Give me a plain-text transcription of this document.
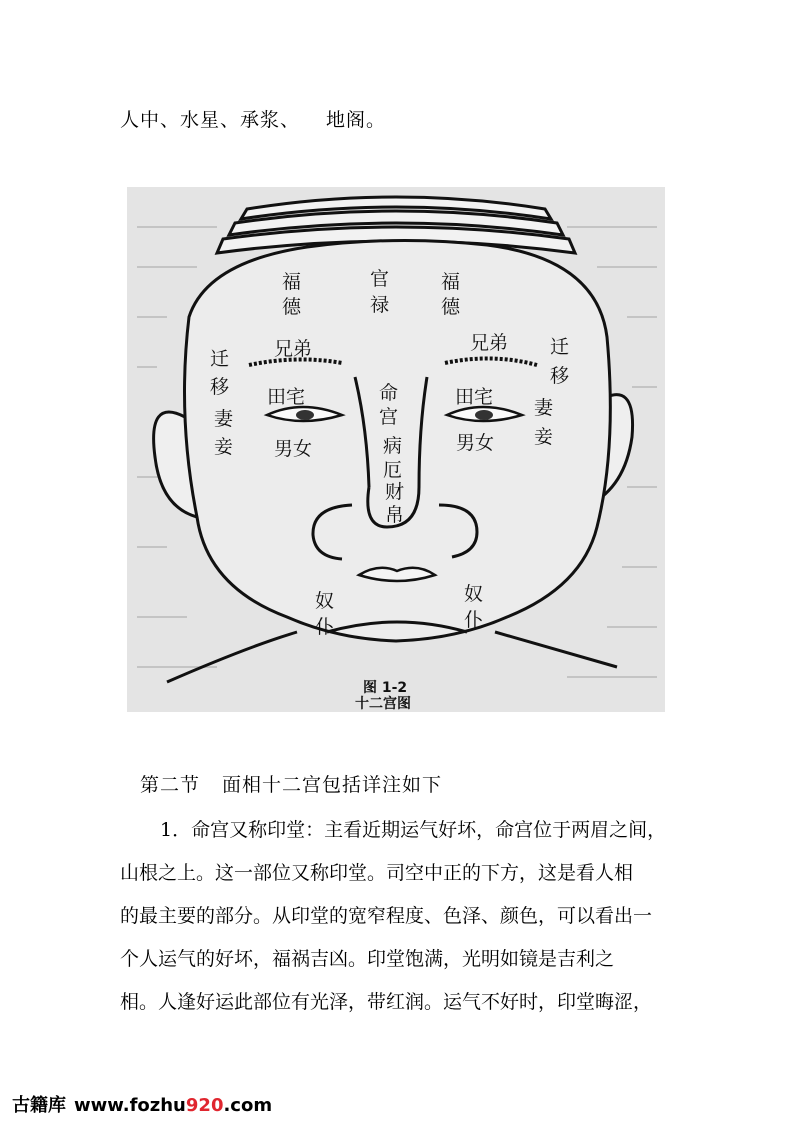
人中、水星、承浆、 地阁。
福
德
官
禄
福
德
兄弟	兄弟
迁
移
迁
移
妻
妾
妻
妾
田宅	田宅
男女	男女
命
宫
病
厄
财
帛
奴
仆
奴
仆
图 1-2
十二宫图
第二节 面相十二宫包括详注如下
1．命宫又称印堂：主看近期运气好坏，命宫位于两眉之间，
山根之上。这一部位又称印堂。司空中正的下方，这是看人相
的最主要的部分。从印堂的宽窄程度、色泽、颜色，可以看出一
个人运气的好坏，福祸吉凶。印堂饱满，光明如镜是吉利之
相。人逢好运此部位有光泽，带红润。运气不好时，印堂晦涩，
古籍库 www.fozhu920.com
